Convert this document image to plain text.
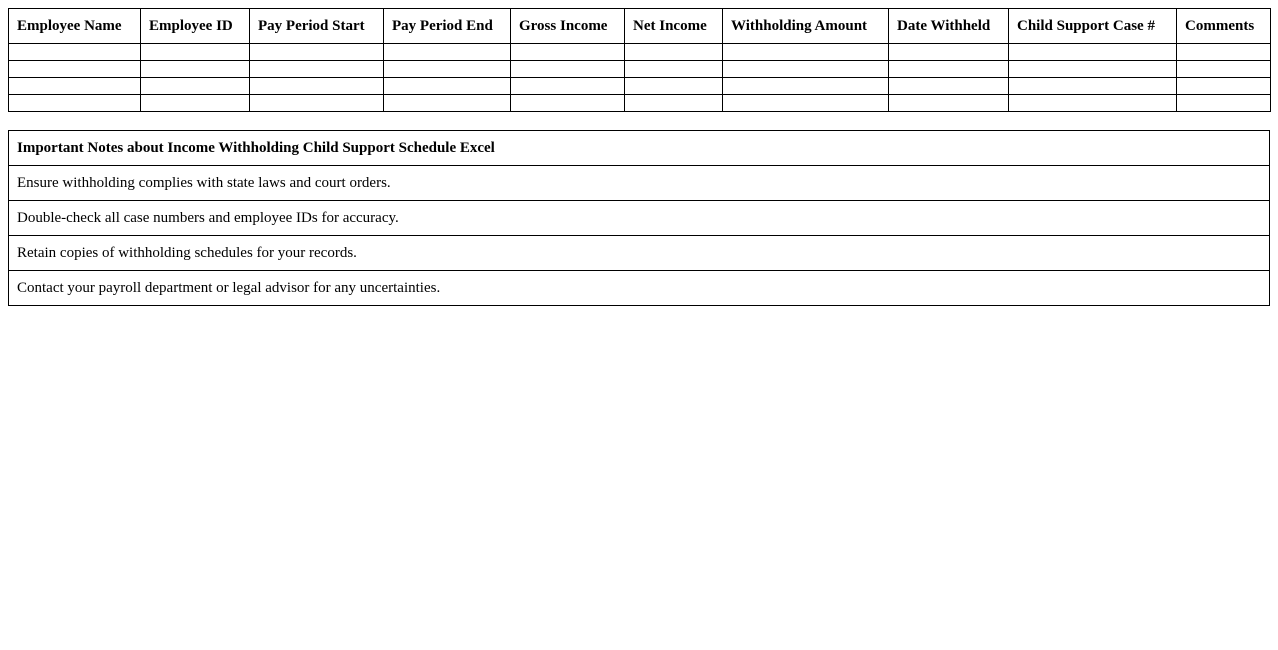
Employee Name	Employee ID	Pay Period Start	Pay Period End	Gross Income	Net Income	Withholding Amount	Date Withheld	Child Support Case #	Comments

Important Notes about Income Withholding Child Support Schedule Excel
Ensure withholding complies with state laws and court orders.
Double-check all case numbers and employee IDs for accuracy.
Retain copies of withholding schedules for your records.
Contact your payroll department or legal advisor for any uncertainties.
